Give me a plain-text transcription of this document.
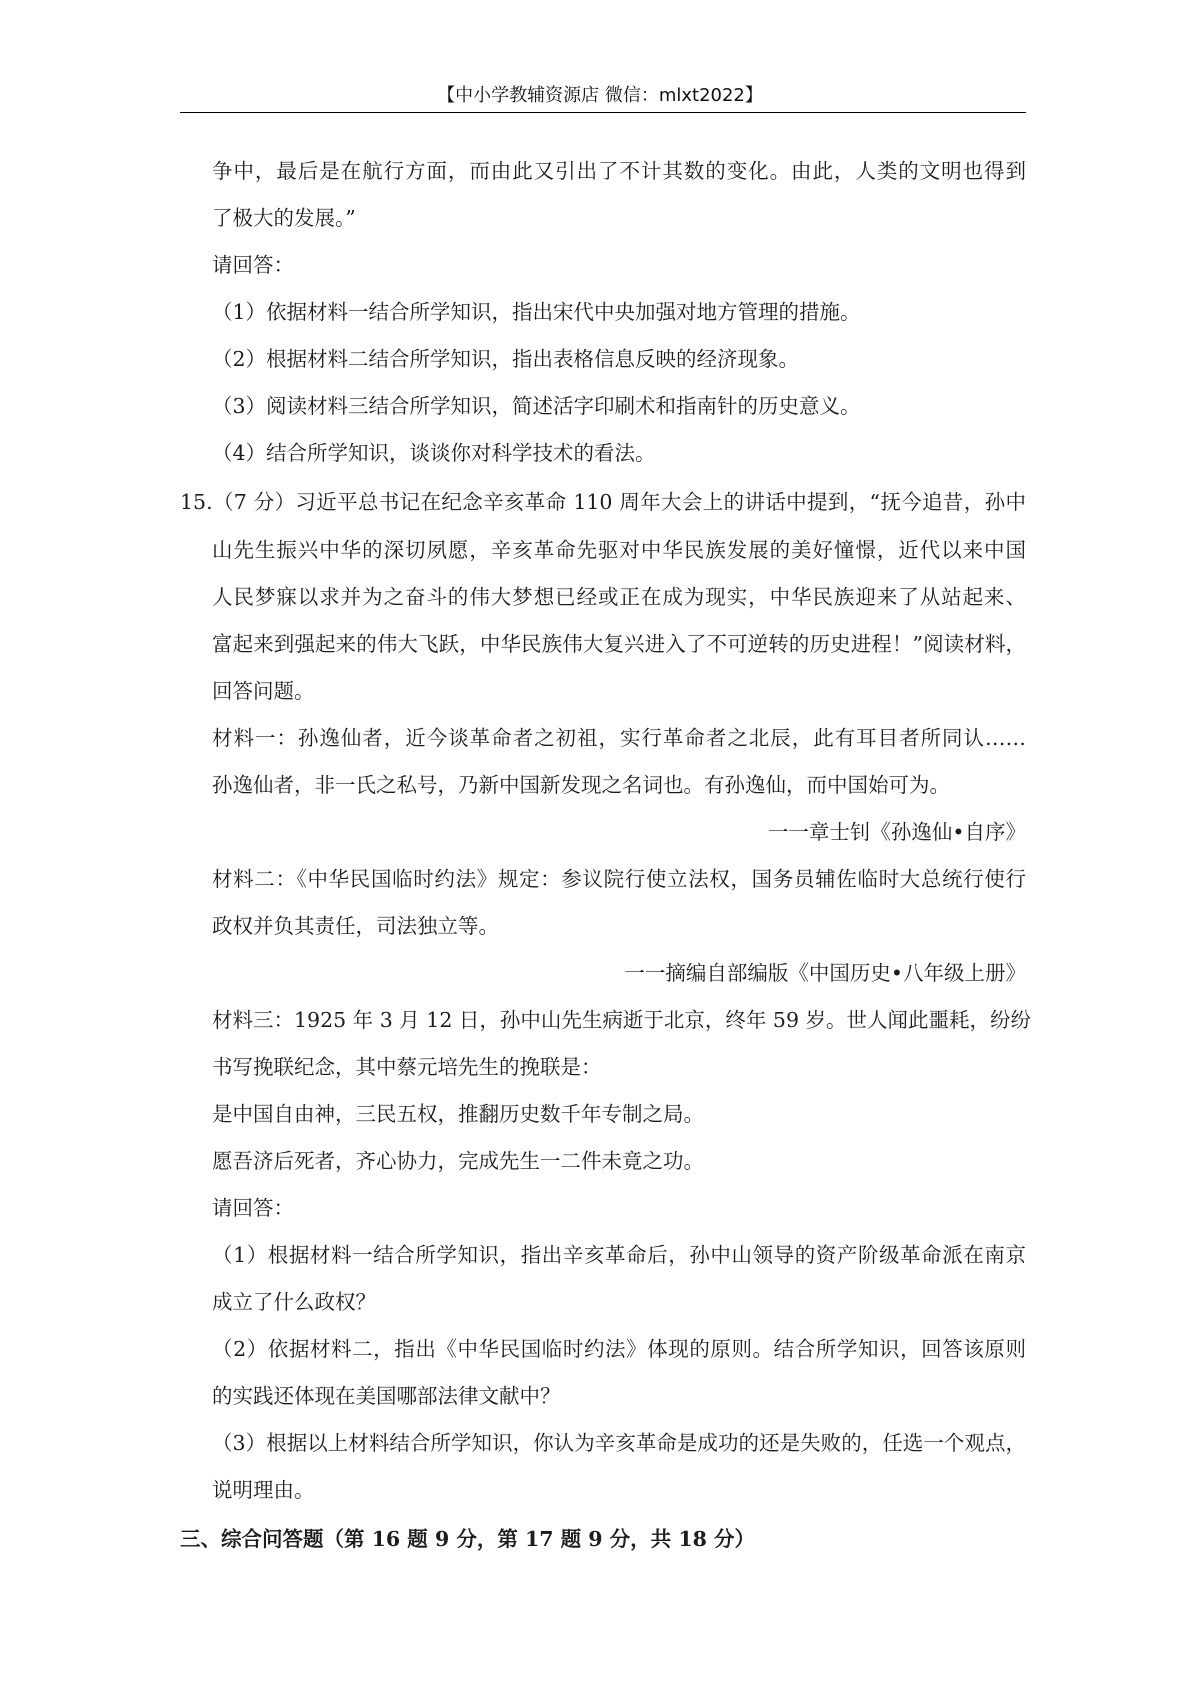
【中小学教辅资源店 微信：mlxt2022】
争中，最后是在航行方面，而由此又引出了不计其数的变化。由此，人类的文明也得到
了极大的发展。”
请回答：
（1）依据材料一结合所学知识，指出宋代中央加强对地方管理的措施。
（2）根据材料二结合所学知识，指出表格信息反映的经济现象。
（3）阅读材料三结合所学知识，简述活字印刷术和指南针的历史意义。
（4）结合所学知识，谈谈你对科学技术的看法。
15.（7 分）习近平总书记在纪念辛亥革命 110 周年大会上的讲话中提到，“抚今追昔，孙中
山先生振兴中华的深切夙愿，辛亥革命先驱对中华民族发展的美好憧憬，近代以来中国
人民梦寐以求并为之奋斗的伟大梦想已经或正在成为现实，中华民族迎来了从站起来、
富起来到强起来的伟大飞跃，中华民族伟大复兴进入了不可逆转的历史进程！”阅读材料，
回答问题。
材料一：孙逸仙者，近今谈革命者之初祖，实行革命者之北辰，此有耳目者所同认……
孙逸仙者，非一氏之私号，乃新中国新发现之名词也。有孙逸仙，而中国始可为。
一一章士钊《孙逸仙•自序》
材料二：《中华民国临时约法》规定：参议院行使立法权，国务员辅佐临时大总统行使行
政权并负其责任，司法独立等。
一一摘编自部编版《中国历史•八年级上册》
材料三：1925 年 3 月 12 日，孙中山先生病逝于北京，终年 59 岁。世人闻此噩耗，纷纷
书写挽联纪念，其中蔡元培先生的挽联是：
是中国自由神，三民五权，推翻历史数千年专制之局。
愿吾济后死者，齐心协力，完成先生一二件未竟之功。
请回答：
（1）根据材料一结合所学知识，指出辛亥革命后，孙中山领导的资产阶级革命派在南京
成立了什么政权？
（2）依据材料二，指出《中华民国临时约法》体现的原则。结合所学知识，回答该原则
的实践还体现在美国哪部法律文献中？
（3）根据以上材料结合所学知识，你认为辛亥革命是成功的还是失败的，任选一个观点，
说明理由。
三、综合问答题（第 16 题 9 分，第 17 题 9 分，共 18 分）
